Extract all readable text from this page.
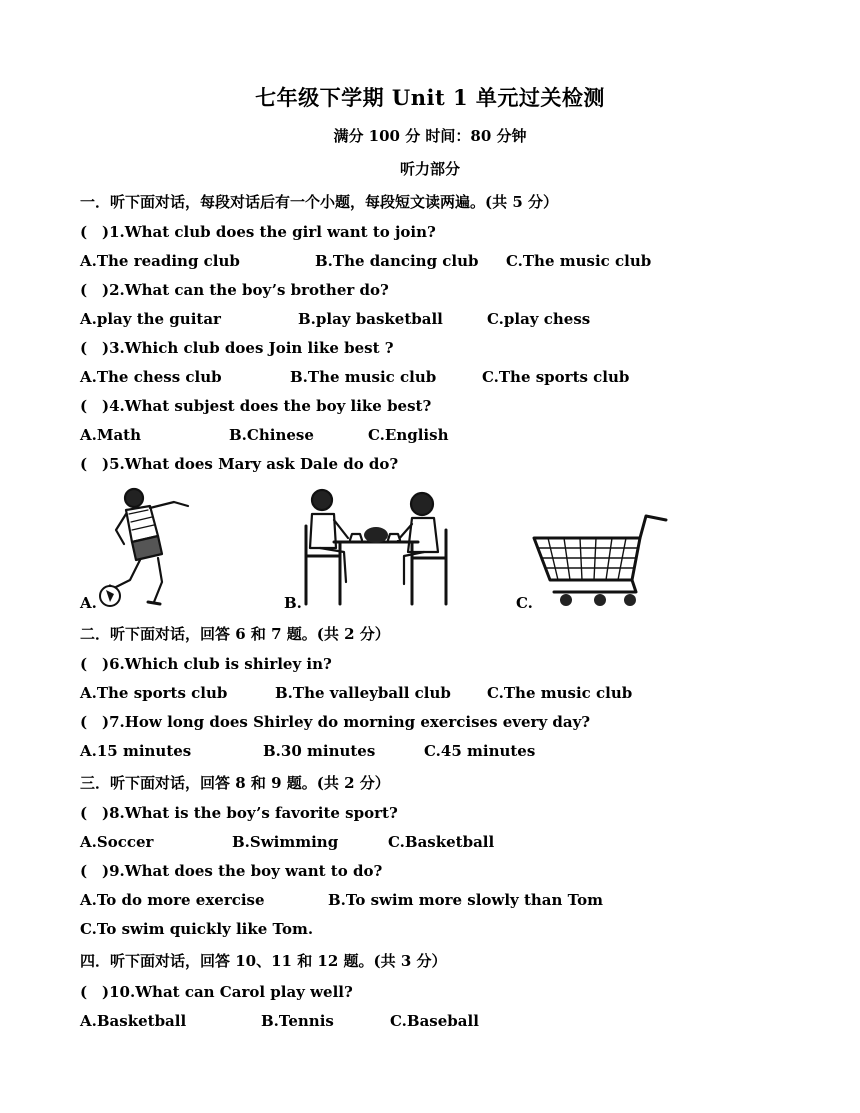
七年级下学期 Unit 1 单元过关检测
满分 100 分 时间：80 分钟
听力部分
一．听下面对话，每段对话后有一个小题，每段短文读两遍。(共 5 分）
( )1.What club does the girl want to join?
A.The reading club	B.The dancing club C.The music club
( )2.What can the boy’s brother do?
A.play the guitar	B.play basketball	C.play chess
( )3.Which club does Join like best ?
A.The chess club	B.The music club	C.The sports club
( )4.What subjest does the boy like best?
A.Math	B.Chinese	C.English
( )5.What does Mary ask Dale do do?
A.	B.	C.
二．听下面对话，回答 6 和 7 题。(共 2 分）
( )6.Which club is shirley in?
A.The sports club	B.The valleyball club C.The music club
( )7.How long does Shirley do morning exercises every day?
A.15 minutes	B.30 minutes	C.45 minutes
三．听下面对话，回答 8 和 9 题。(共 2 分）
( )8.What is the boy’s favorite sport?
A.Soccer	B.Swimming	C.Basketball
( )9.What does the boy want to do?
A.To do more exercise	B.To swim more slowly than Tom
C.To swim quickly like Tom.
四．听下面对话，回答 10、11 和 12 题。(共 3 分）
( )10.What can Carol play well?
A.Basketball	B.Tennis	C.Baseball
